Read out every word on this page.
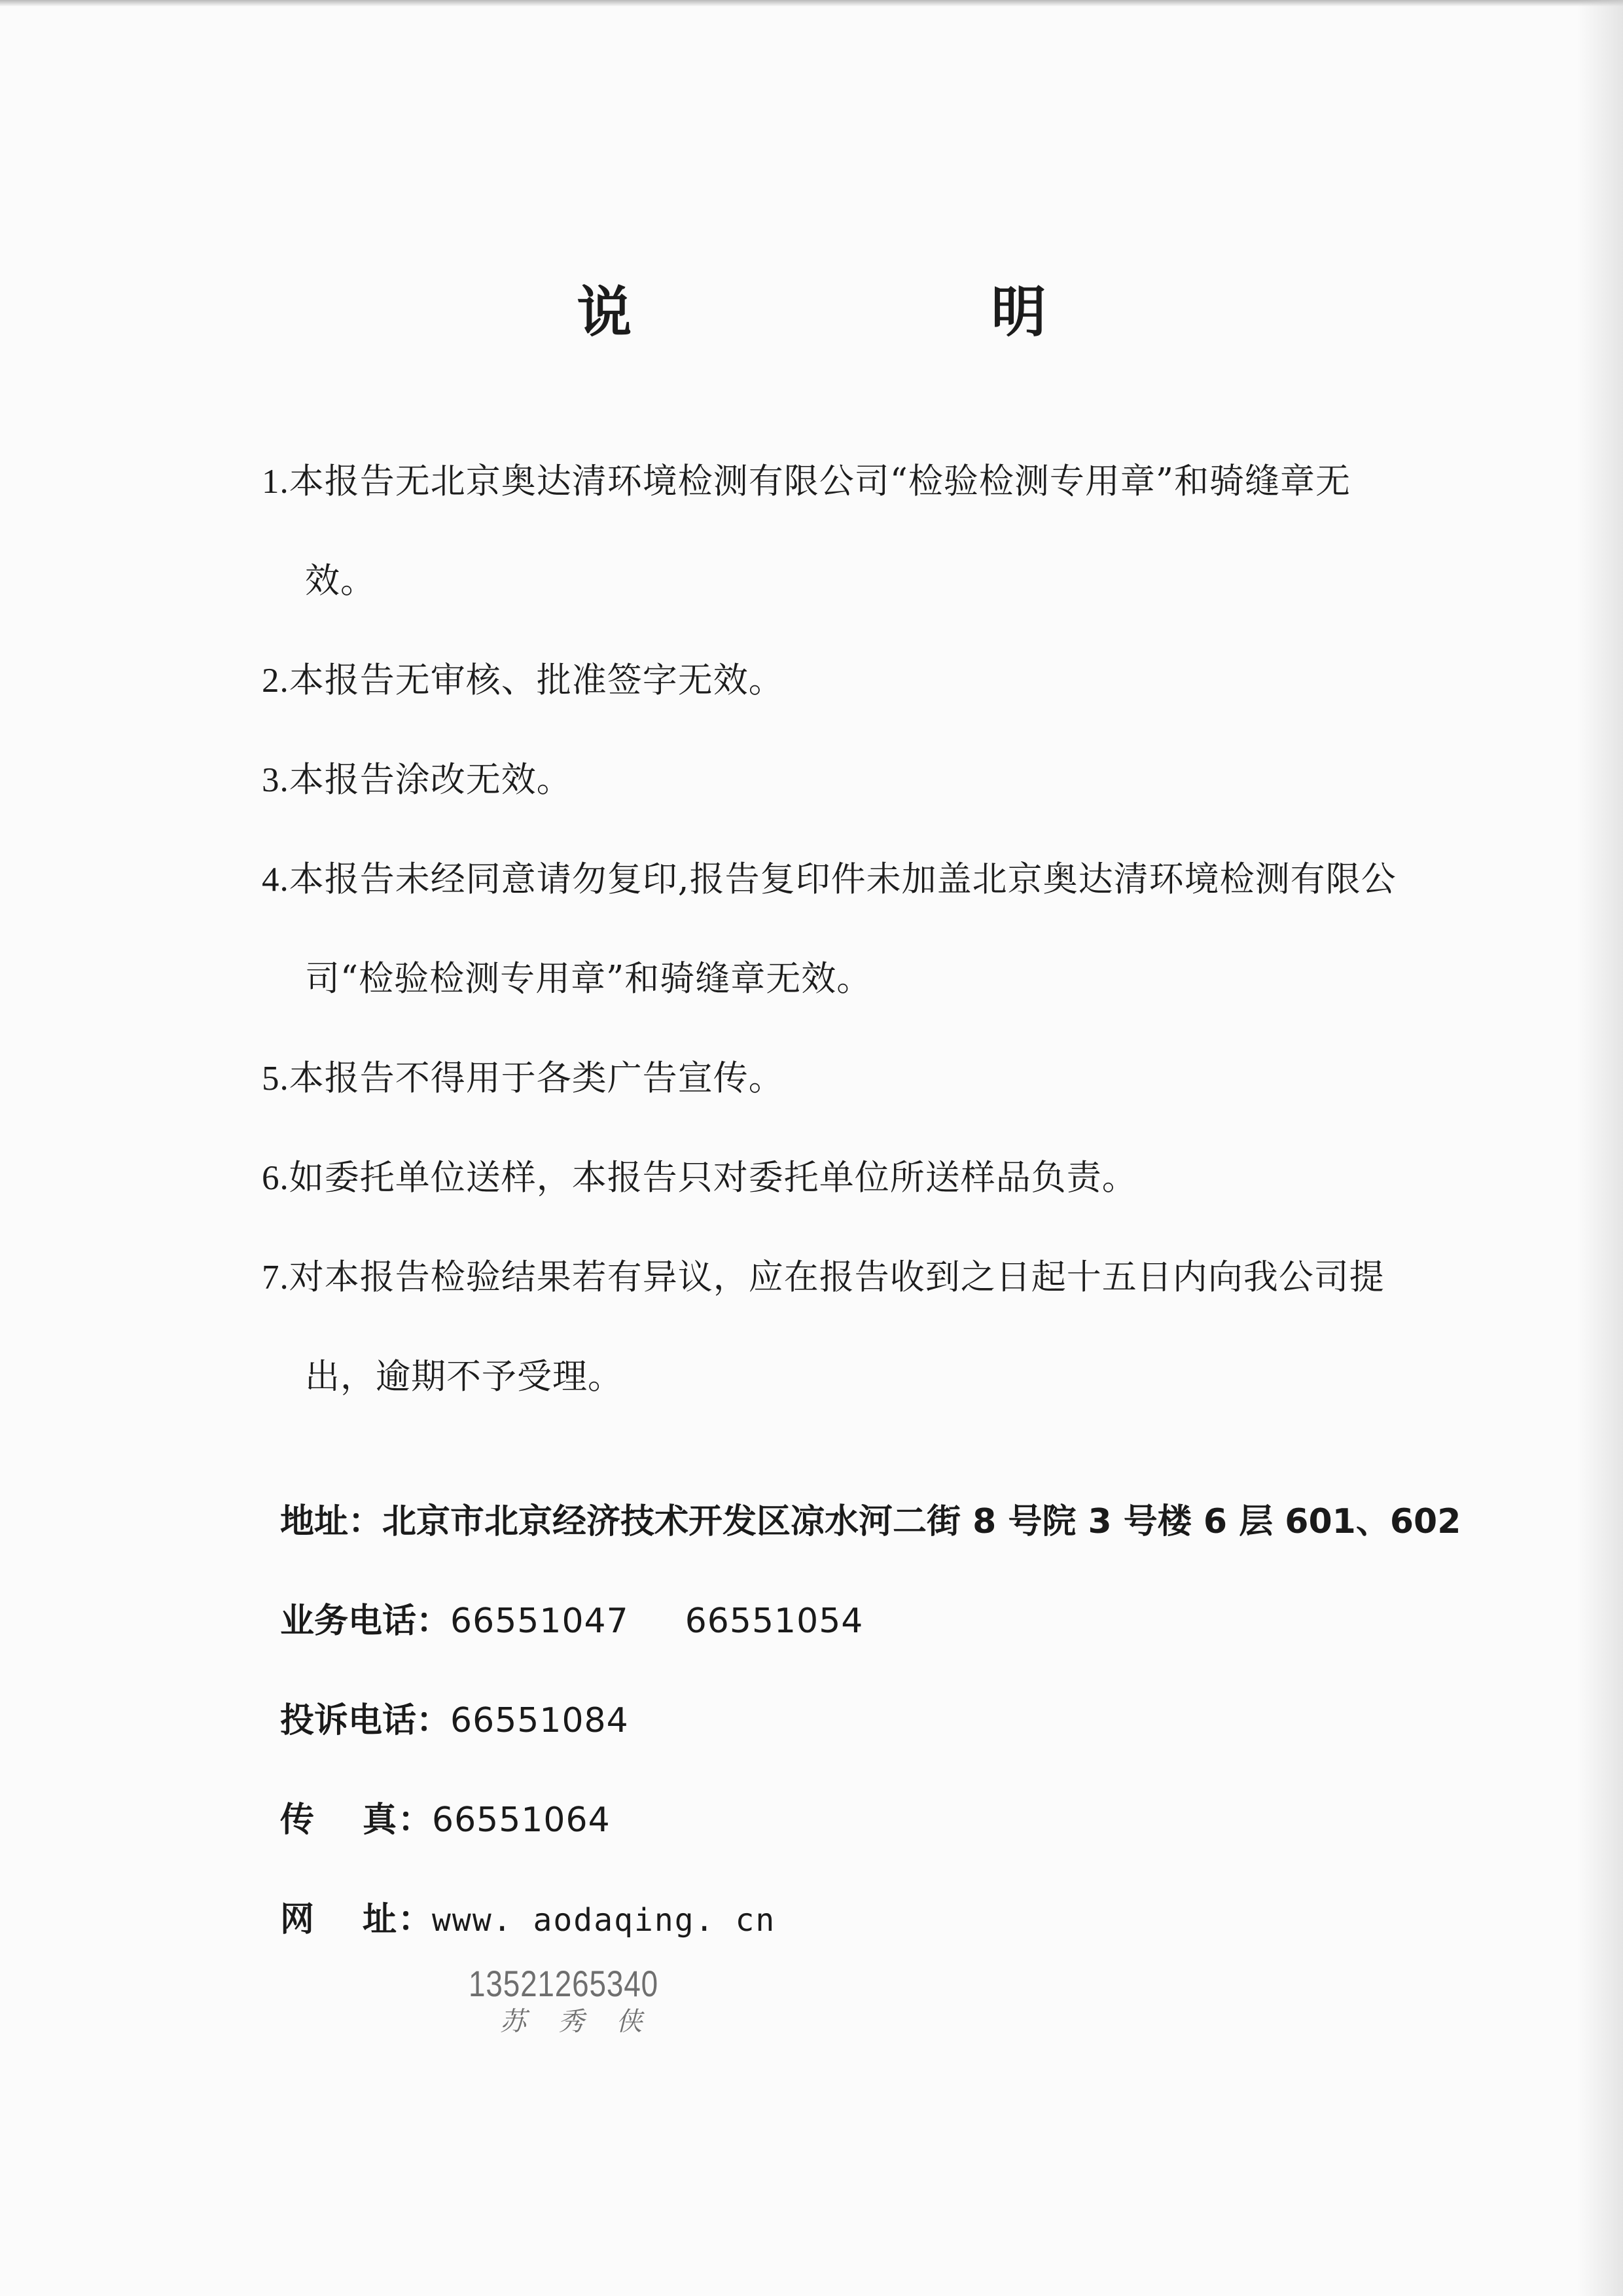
说 明
1.本报告无北京奥达清环境检测有限公司“检验检测专用章”和骑缝章无
效。
2.本报告无审核、批准签字无效。
3.本报告涂改无效。
4.本报告未经同意请勿复印,报告复印件未加盖北京奥达清环境检测有限公
司“检验检测专用章”和骑缝章无效。
5.本报告不得用于各类广告宣传。
6.如委托单位送样，本报告只对委托单位所送样品负责。
7.对本报告检验结果若有异议，应在报告收到之日起十五日内向我公司提
出，逾期不予受理。
地址：北京市北京经济技术开发区凉水河二街 8 号院 3 号楼 6 层 601、602
业务电话：66551047 66551054
投诉电话：66551084
传 真 ：66551064
网 址 ：www. aodaqing. cn
13521265340
苏 秀 侠
